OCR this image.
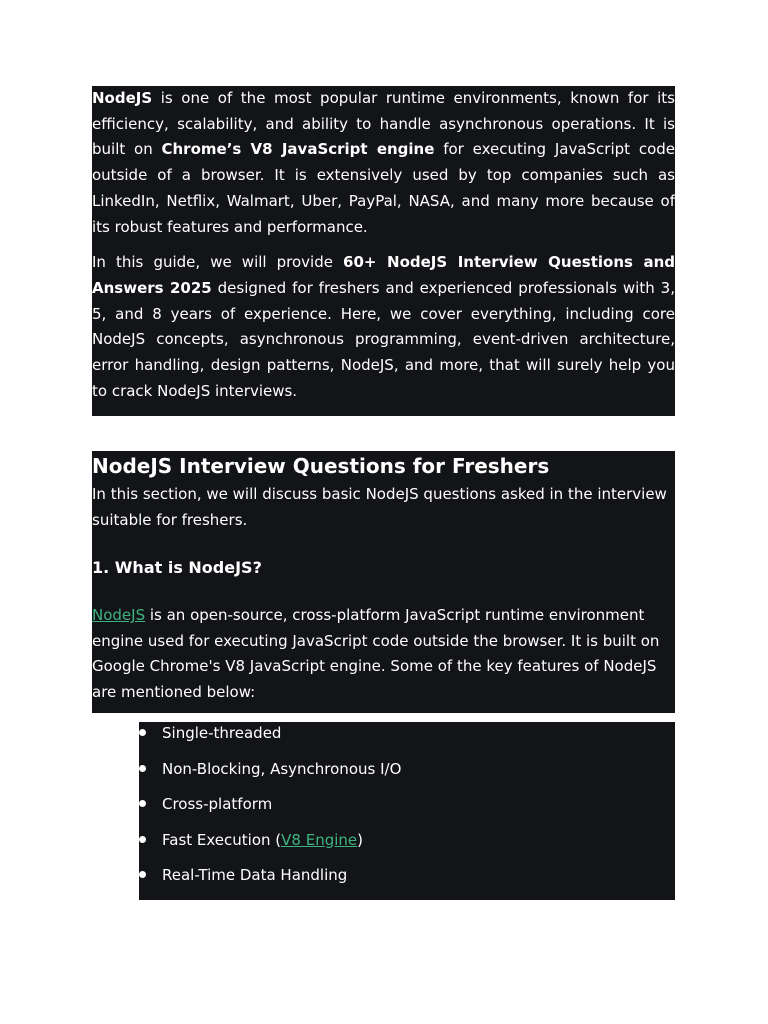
NodeJS is one of the most popular runtime environments, known for its efficiency, scalability, and ability to handle asynchronous operations. It is built on Chrome’s V8 JavaScript engine for executing JavaScript code outside of a browser. It is extensively used by top companies such as LinkedIn, Netflix, Walmart, Uber, PayPal, NASA, and many more because of its robust features and performance.

In this guide, we will provide 60+ NodeJS Interview Questions and Answers 2025 designed for freshers and experienced professionals with 3, 5, and 8 years of experience. Here, we cover everything, including core NodeJS concepts, asynchronous programming, event-driven architecture, error handling, design patterns, NodeJS, and more, that will surely help you to crack NodeJS interviews.

NodeJS Interview Questions for Freshers

In this section, we will discuss basic NodeJS questions asked in the interview suitable for freshers.

1. What is NodeJS?

NodeJS is an open-source, cross-platform JavaScript runtime environment engine used for executing JavaScript code outside the browser. It is built on Google Chrome's V8 JavaScript engine. Some of the key features of NodeJS are mentioned below:

Single-threaded
Non-Blocking, Asynchronous I/O
Cross-platform
Fast Execution (V8 Engine)
Real-Time Data Handling
